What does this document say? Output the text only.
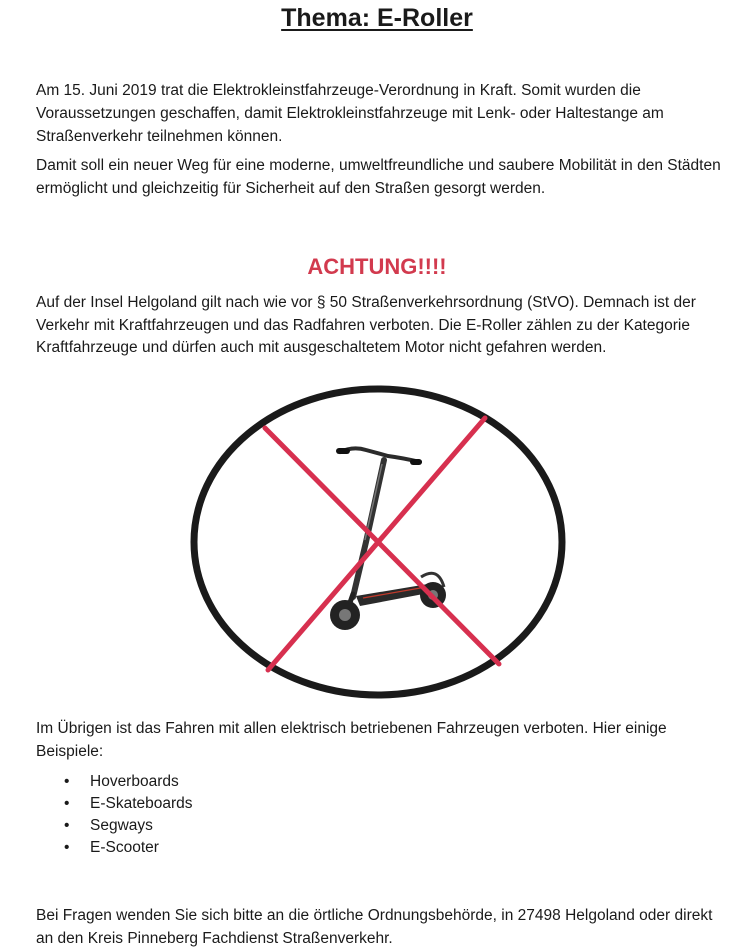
Thema: E-Roller

Am 15. Juni 2019 trat die Elektrokleinstfahrzeuge-Verordnung in Kraft. Somit wurden die Voraussetzungen geschaffen, damit Elektrokleinstfahrzeuge mit Lenk- oder Haltestange am Straßenverkehr teilnehmen können.

Damit soll ein neuer Weg für eine moderne, umweltfreundliche und saubere Mobilität in den Städten ermöglicht und gleichzeitig für Sicherheit auf den Straßen gesorgt werden.

ACHTUNG!!!!

Auf der Insel Helgoland gilt nach wie vor § 50 Straßenverkehrsordnung (StVO). Demnach ist der Verkehr mit Kraftfahrzeugen und das Radfahren verboten. Die E-Roller zählen zu der Kategorie Kraftfahrzeuge und dürfen auch mit ausgeschaltetem Motor nicht gefahren werden.

Im Übrigen ist das Fahren mit allen elektrisch betriebenen Fahrzeugen verboten. Hier einige Beispiele:

• Hoverboards
• E-Skateboards
• Segways
• E-Scooter

Bei Fragen wenden Sie sich bitte an die örtliche Ordnungsbehörde, in 27498 Helgoland oder direkt an den Kreis Pinneberg Fachdienst Straßenverkehr.
